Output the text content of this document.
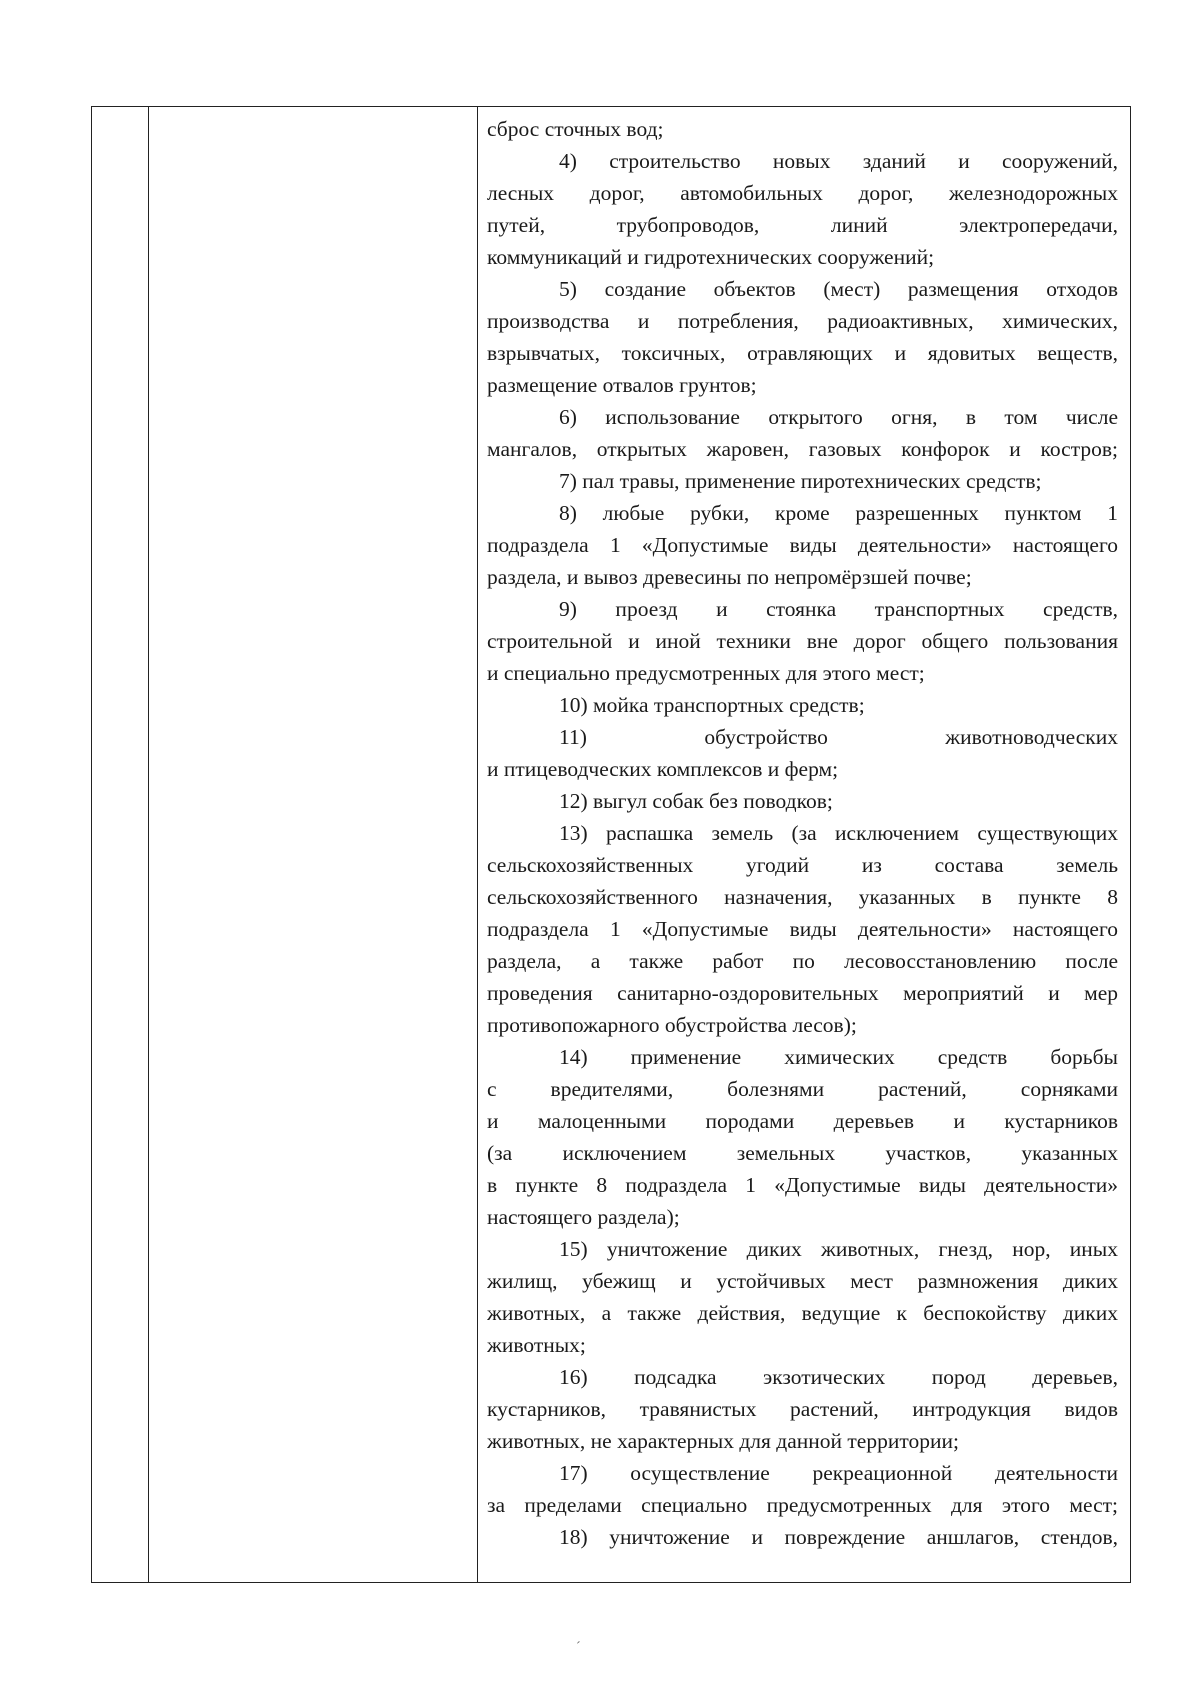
сброс сточных вод;
4) строительство новых зданий и сооружений,
лесных дорог, автомобильных дорог, железнодорожных
путей, трубопроводов, линий электропередачи,
коммуникаций и гидротехнических сооружений;
5) создание объектов (мест) размещения отходов
производства и потребления, радиоактивных, химических,
взрывчатых, токсичных, отравляющих и ядовитых веществ,
размещение отвалов грунтов;
6) использование открытого огня, в том числе
мангалов, открытых жаровен, газовых конфорок и костров;
7) пал травы, применение пиротехнических средств;
8) любые рубки, кроме разрешенных пунктом 1
подраздела 1 «Допустимые виды деятельности» настоящего
раздела, и вывоз древесины по непромёрзшей почве;
9) проезд и стоянка транспортных средств,
строительной и иной техники вне дорог общего пользования
и специально предусмотренных для этого мест;
10) мойка транспортных средств;
11) обустройство животноводческих
и птицеводческих комплексов и ферм;
12) выгул собак без поводков;
13) распашка земель (за исключением существующих
сельскохозяйственных угодий из состава земель
сельскохозяйственного назначения, указанных в пункте 8
подраздела 1 «Допустимые виды деятельности» настоящего
раздела, а также работ по лесовосстановлению после
проведения санитарно-оздоровительных мероприятий и мер
противопожарного обустройства лесов);
14) применение химических средств борьбы
с вредителями, болезнями растений, сорняками
и малоценными породами деревьев и кустарников
(за исключением земельных участков, указанных
в пункте 8 подраздела 1 «Допустимые виды деятельности»
настоящего раздела);
15) уничтожение диких животных, гнезд, нор, иных
жилищ, убежищ и устойчивых мест размножения диких
животных, а также действия, ведущие к беспокойству диких
животных;
16) подсадка экзотических пород деревьев,
кустарников, травянистых растений, интродукция видов
животных, не характерных для данной территории;
17) осуществление рекреационной деятельности
за пределами специально предусмотренных для этого мест;
18) уничтожение и повреждение аншлагов, стендов,
´
